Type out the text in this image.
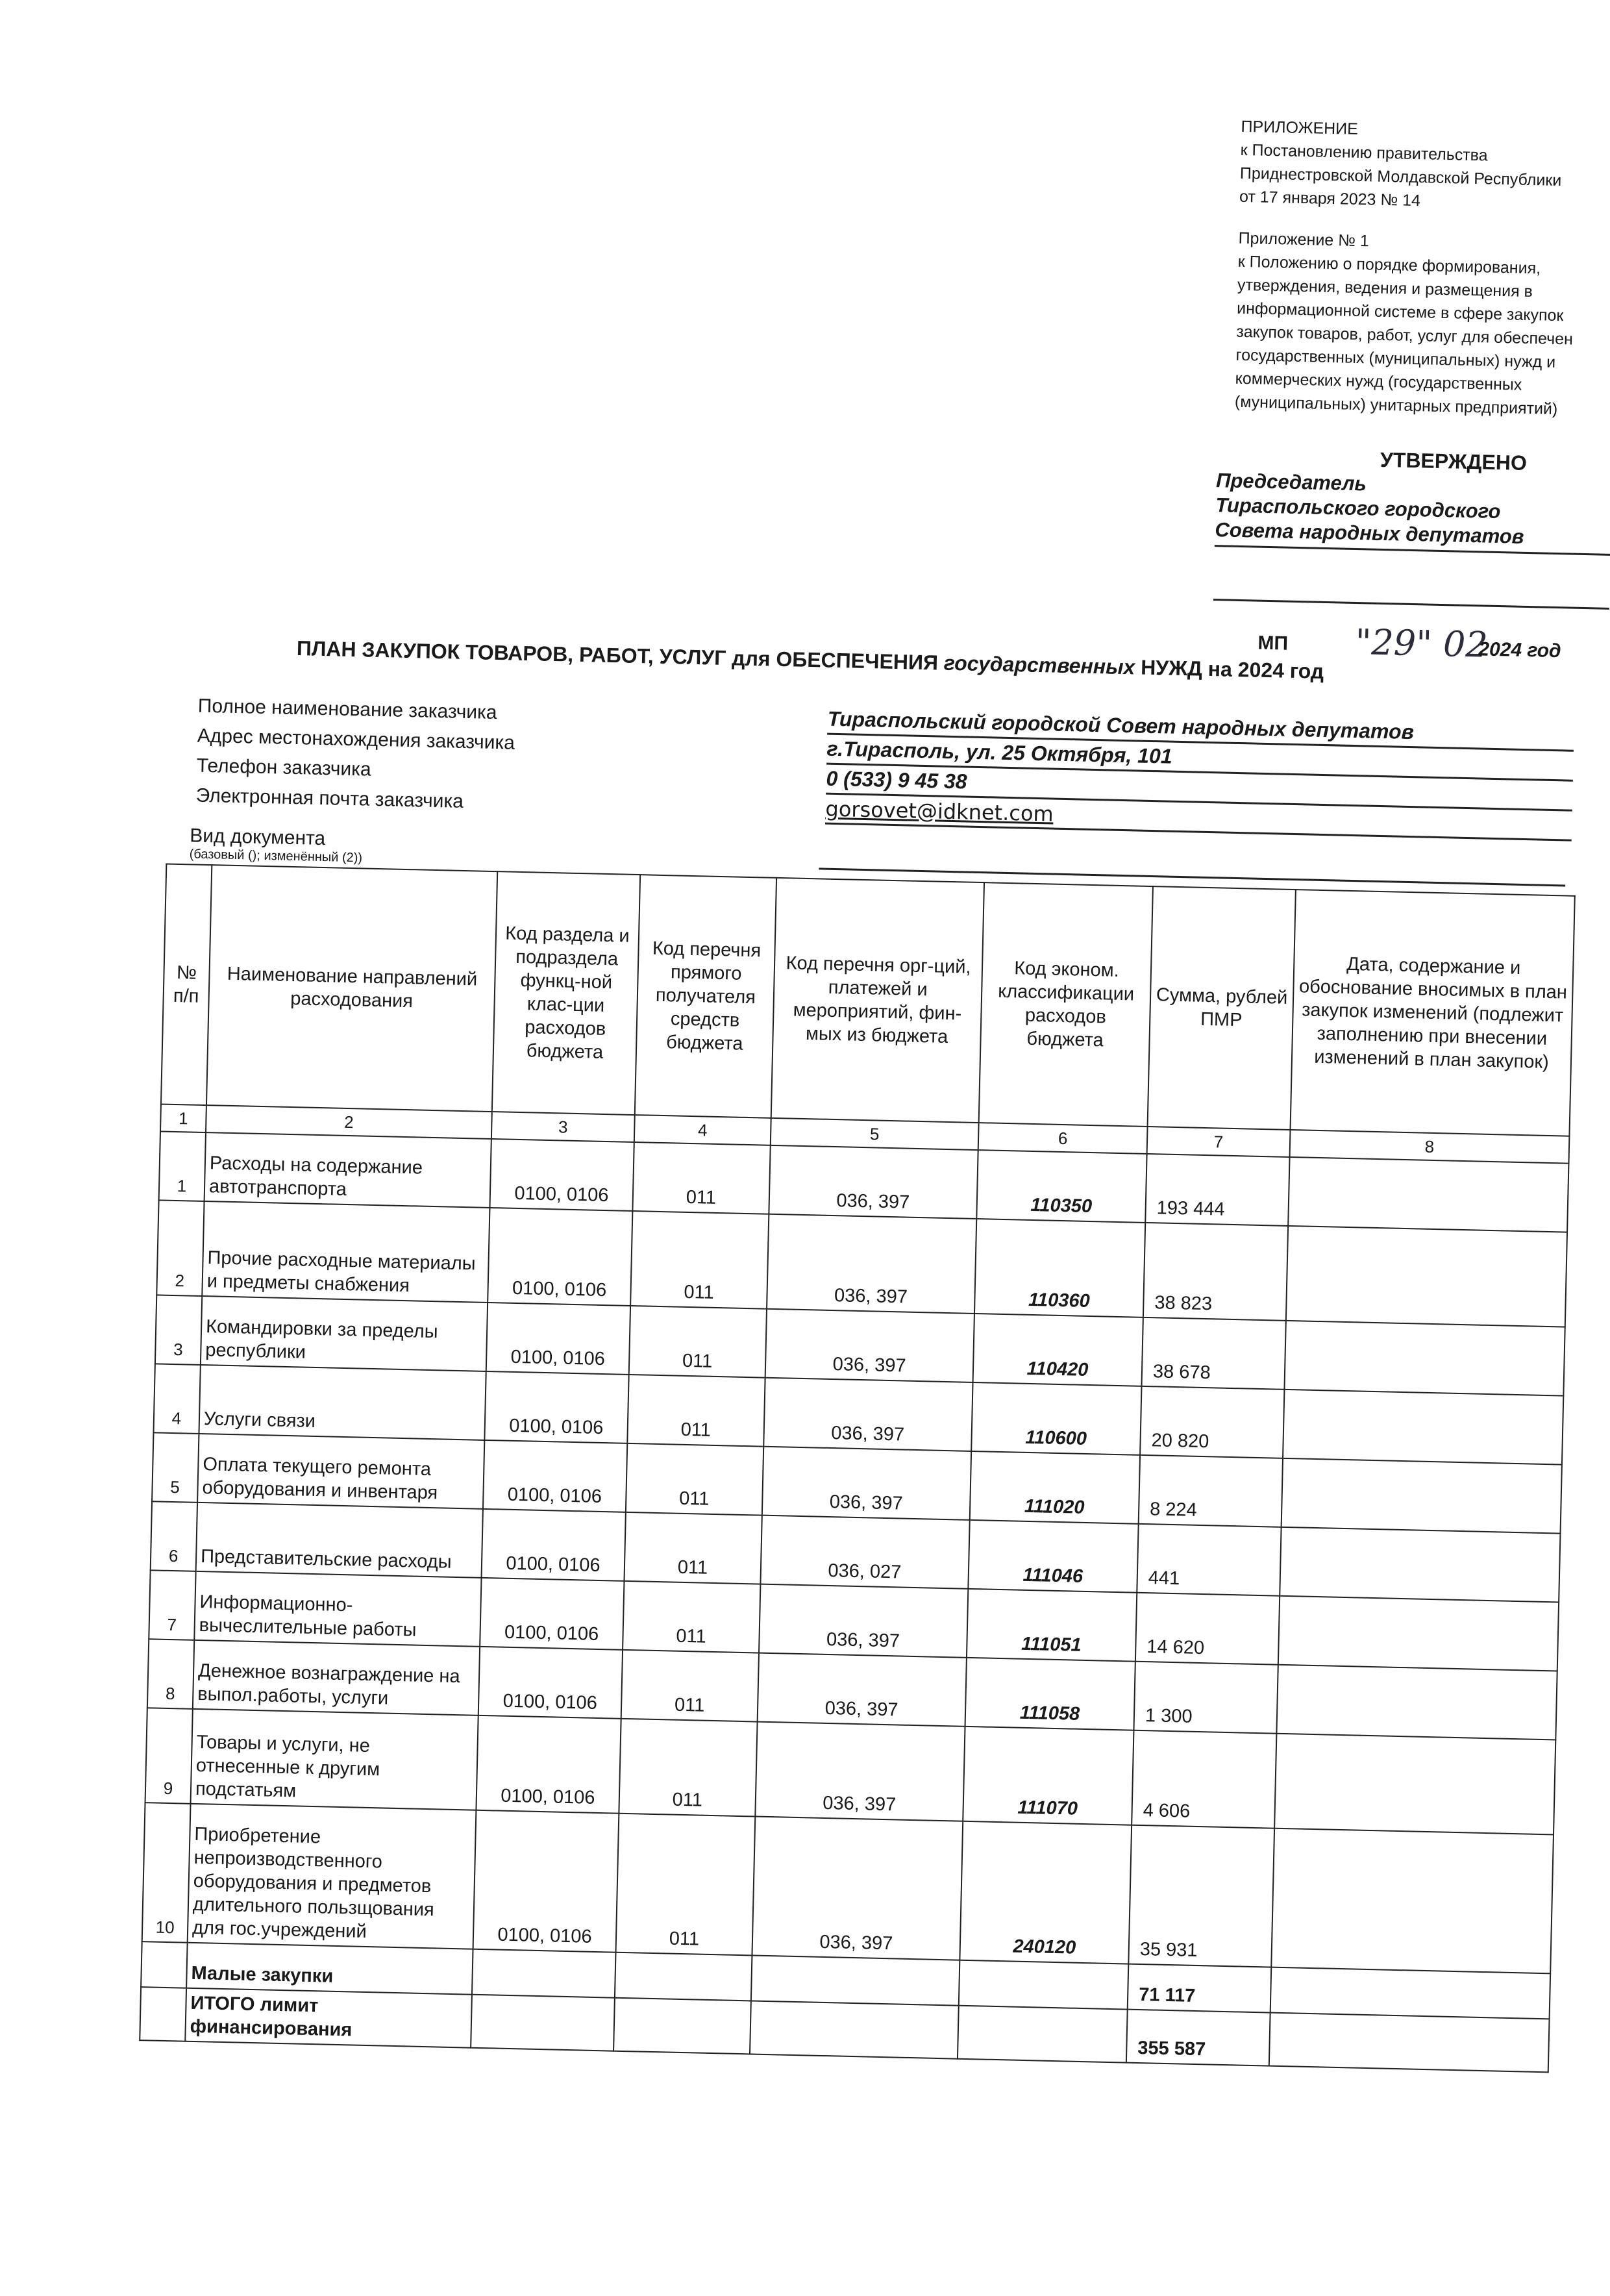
ПРИЛОЖЕНИЕ
к Постановлению правительства
Приднестровской Молдавской Республики
от 17 января 2023 № 14
Приложение № 1
к Положению о порядке формирования,
утверждения, ведения и размещения в
информационной системе в сфере закупок
закупок товаров, работ, услуг для обеспечен
государственных (муниципальных) нужд и
коммерческих нужд (государственных
(муниципальных) унитарных предприятий)
УТВЕРЖДЕНО
Председатель
Тираспольского городского
Совета народных депутатов
МП "29" 02
2024 год
ПЛАН ЗАКУПОК ТОВАРОВ, РАБОТ, УСЛУГ для ОБЕСПЕЧЕНИЯ государственных НУЖД на 2024 год
Полное наименование заказчика	Тираспольский городской Совет народных депутатов
Адрес местонахождения заказчика	г.Тирасполь, ул. 25 Октября, 101
Телефон заказчика	0 (533) 9 45 38
Электронная почта заказчика	gorsovet@idknet.com
Вид документа
(базовый (); изменённый (2))
№ п/п	Наименование направлений расходования	Код раздела и подраздела функц-ной клас-ции расходов бюджета	Код перечня прямого получателя средств бюджета	Код перечня орг-ций, платежей и мероприятий, фин-мых из бюджета	Код эконом. классификации расходов бюджета	Сумма, рублей ПМР	Дата, содержание и обоснование вносимых в план закупок изменений (подлежит заполнению при внесении изменений в план закупок)
1	2	3	4	5	6	7	8
1	Расходы на содержание автотранспорта	0100, 0106	011	036, 397	110350	193 444	
2	Прочие расходные материалы и предметы снабжения	0100, 0106	011	036, 397	110360	38 823	
3	Командировки за пределы республики	0100, 0106	011	036, 397	110420	38 678	
4	Услуги связи	0100, 0106	011	036, 397	110600	20 820	
5	Оплата текущего ремонта оборудования и инвентаря	0100, 0106	011	036, 397	111020	8 224	
6	Представительские расходы	0100, 0106	011	036, 027	111046	441	
7	Информационно-вычеслительные работы	0100, 0106	011	036, 397	111051	14 620	
8	Денежное вознаграждение на выпол.работы, услуги	0100, 0106	011	036, 397	111058	1 300	
9	Товары и услуги, не отнесенные к другим подстатьям	0100, 0106	011	036, 397	111070	4 606	
10	Приобретение непроизводственного оборудования и предметов длительного пользщования для гос.учреждений	0100, 0106	011	036, 397	240120	35 931	
	Малые закупки					71 117	
	ИТОГО лимит финансирования					355 587	
